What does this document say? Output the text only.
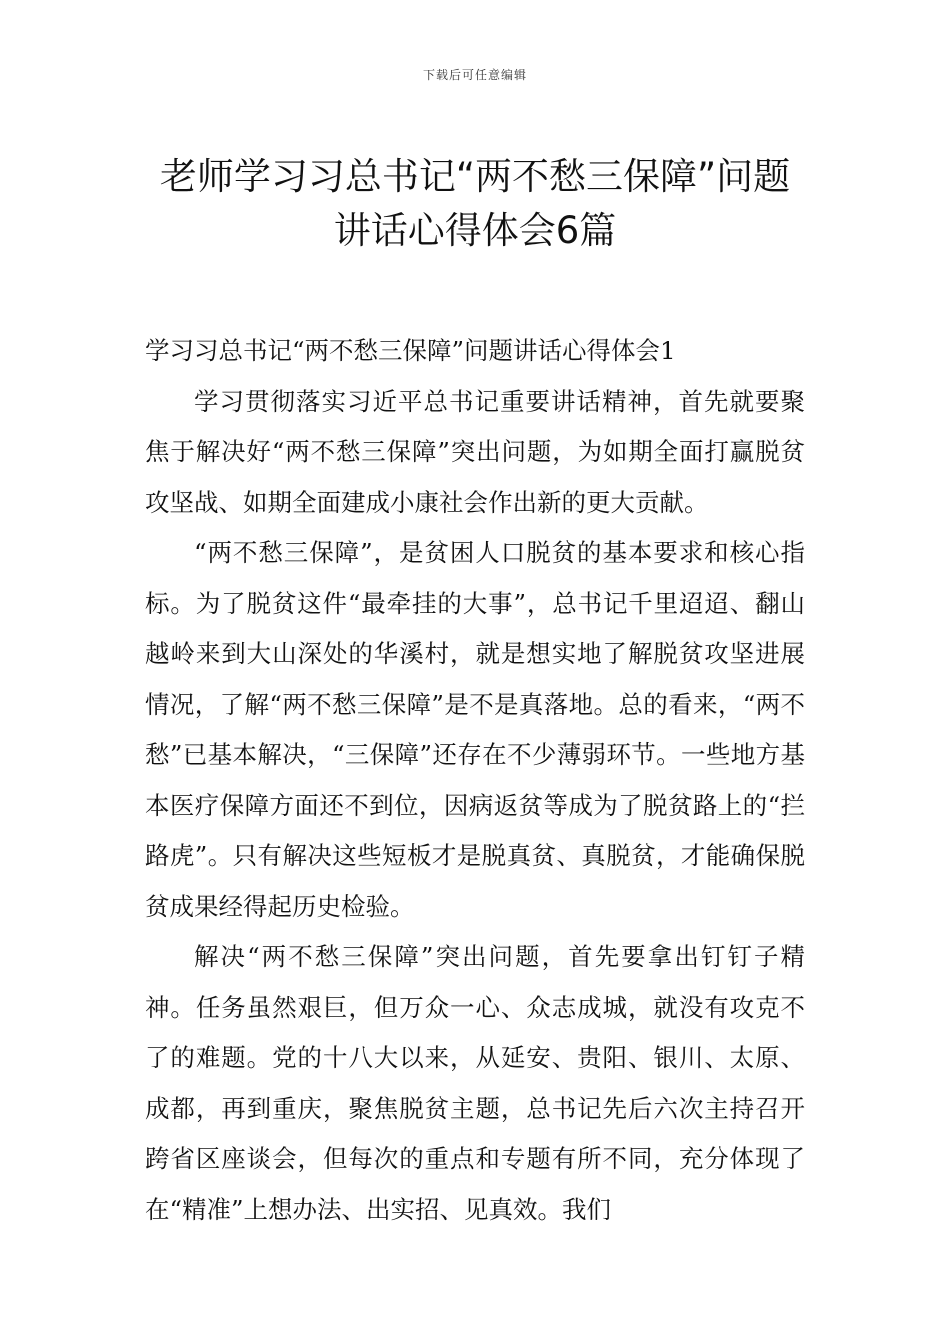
下载后可任意编辑
老师学习习总书记“两不愁三保障”问题
讲话心得体会6篇
学习习总书记“两不愁三保障”问题讲话心得体会1

学习贯彻落实习近平总书记重要讲话精神，首先就要聚焦于解决好“两不愁三保障”突出问题，为如期全面打赢脱贫攻坚战、如期全面建成小康社会作出新的更大贡献。

“两不愁三保障”，是贫困人口脱贫的基本要求和核心指标。为了脱贫这件“最牵挂的大事”，总书记千里迢迢、翻山越岭来到大山深处的华溪村，就是想实地了解脱贫攻坚进展情况，了解“两不愁三保障”是不是真落地。总的看来，“两不愁”已基本解决，“三保障”还存在不少薄弱环节。一些地方基本医疗保障方面还不到位，因病返贫等成为了脱贫路上的“拦路虎”。只有解决这些短板才是脱真贫、真脱贫，才能确保脱贫成果经得起历史检验。

解决“两不愁三保障”突出问题，首先要拿出钉钉子精神。任务虽然艰巨，但万众一心、众志成城，就没有攻克不了的难题。党的十八大以来，从延安、贵阳、银川、太原、成都，再到重庆，聚焦脱贫主题，总书记先后六次主持召开跨省区座谈会，但每次的重点和专题有所不同，充分体现了在“精准”上想办法、出实招、见真效。我们
